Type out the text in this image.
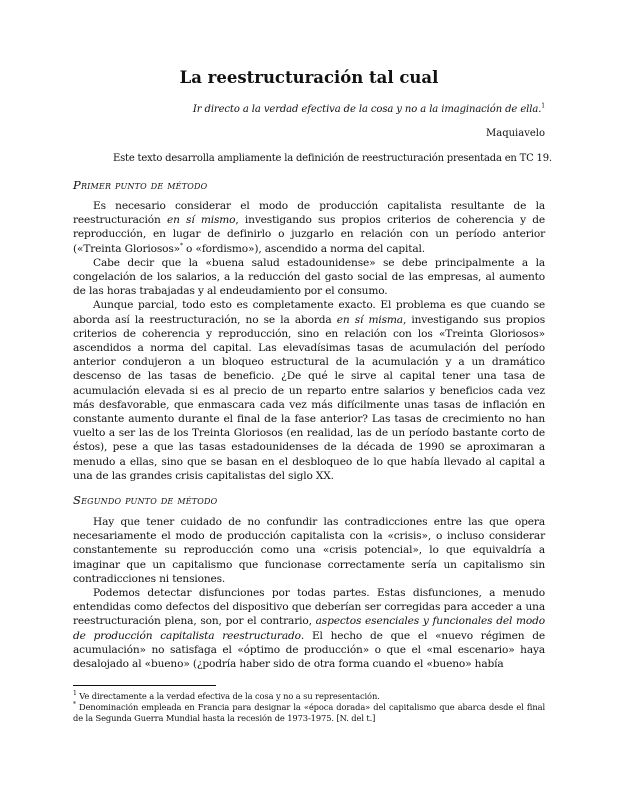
La reestructuración tal cual
Ir directo a la verdad efectiva de la cosa y no a la imaginación de ella.$^1$
Maquiavelo
Este texto desarrolla ampliamente la definición de reestructuración presentada en TC 19.
Primer punto de método

Es necesario considerar el modo de producción capitalista resultante de la reestructuración en sí mismo, investigando sus propios criterios de coherencia y de reproducción, en lugar de definirlo o juzgarlo en relación con un período anterior («Treinta Gloriosos»* o «fordismo»), ascendido a norma del capital.

Cabe decir que la «buena salud estadounidense» se debe principalmente a la congelación de los salarios, a la reducción del gasto social de las empresas, al aumento de las horas trabajadas y al endeudamiento por el consumo.

Aunque parcial, todo esto es completamente exacto. El problema es que cuando se aborda así la reestructuración, no se la aborda en sí misma, investigando sus propios criterios de coherencia y reproducción, sino en relación con los «Treinta Gloriosos» ascendidos a norma del capital. Las elevadísimas tasas de acumulación del período anterior condujeron a un bloqueo estructural de la acumulación y a un dramático descenso de las tasas de beneficio. ¿De qué le sirve al capital tener una tasa de acumulación elevada si es al precio de un reparto entre salarios y beneficios cada vez más desfavorable, que enmascara cada vez más difícilmente unas tasas de inflación en constante aumento durante el final de la fase anterior? Las tasas de crecimiento no han vuelto a ser las de los Treinta Gloriosos (en realidad, las de un período bastante corto de éstos), pese a que las tasas estadounidenses de la década de 1990 se aproximaran a menudo a ellas, sino que se basan en el desbloqueo de lo que había llevado al capital a una de las grandes crisis capitalistas del siglo XX.

Segundo punto de método

Hay que tener cuidado de no confundir las contradicciones entre las que opera necesariamente el modo de producción capitalista con la «crisis», o incluso considerar constantemente su reproducción como una «crisis potencial», lo que equivaldría a imaginar que un capitalismo que funcionase correctamente sería un capitalismo sin contradicciones ni tensiones.

Podemos detectar disfunciones por todas partes. Estas disfunciones, a menudo entendidas como defectos del dispositivo que deberían ser corregidas para acceder a una reestructuración plena, son, por el contrario, aspectos esenciales y funcionales del modo de producción capitalista reestructurado. El hecho de que el «nuevo régimen de acumulación» no satisfaga el «óptimo de producción» o que el «mal escenario» haya desalojado al «bueno» (¿podría haber sido de otra forma cuando el «bueno» había

$^1$ Ve directamente a la verdad efectiva de la cosa y no a su representación.

* Denominación empleada en Francia para designar la «época dorada» del capitalismo que abarca desde el final de la Segunda Guerra Mundial hasta la recesión de 1973-1975. [N. del t.]
